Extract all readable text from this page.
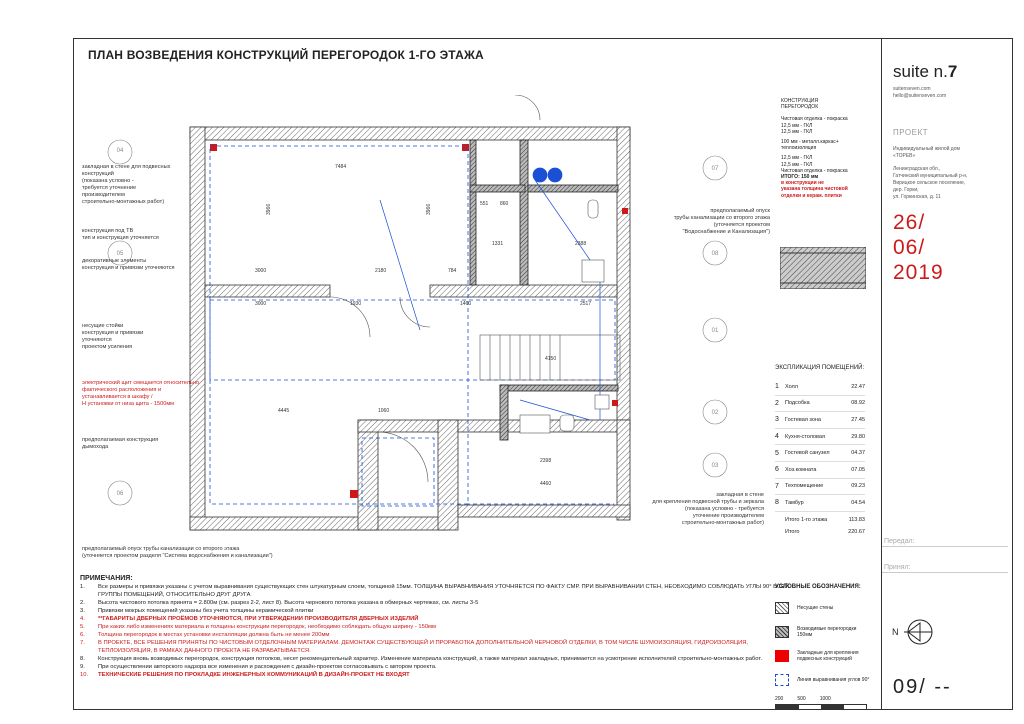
ПЛАН ВОЗВЕДЕНИЯ КОНСТРУКЦИЙ ПЕРЕГОРОДОК 1-ГО ЭТАЖА
04
05
06
07
08
01
02
03
7484
3000	2180	784
3000	1930	1460	2517
4445	1060
2398
4460
4150
551 860
1331
3966	3966
2388
закладная в стене для подвесных
конструкций
(показана условно -
требуется уточнение
производителем
строительно-монтажных работ)
конструкция под ТВ
тип и конструкция уточняется
декоративные элементы
конструкция и привязки уточняются
несущие стойки
конструкция и привязки
уточняются
проектом усиления
электрический щит смещается относительно
фактического расположения и
устанавливается в шкафу /
Н установки от низа щита - 1500мм
предполагаемая конструкция
дымохода
предполагаемый опуск
трубы канализации со второго этажа
(уточняется проектом
"Водоснабжение и Канализация")
закладная в стене
для крепления подвесной трубы и зеркала
(показана условно - требуется
уточнение производителем
строительно-монтажных работ)
предполагаемый опуск трубы канализации со второго этажа
(уточняется проектом разделя "Система водоснабжения и канализации")
КОНСТРУКЦИЯ
ПЕРЕГОРОДОК
Чистовая отделка - покраска
12,5 мм - ГКЛ
12,5 мм - ГКЛ
100 мм - металл.каркас+ теплоизоляция
12,5 мм - ГКЛ
12,5 мм - ГКЛ
Чистовая отделка - покраска
ИТОГО: 150 мм
в конструкции не
указана толщина чистовой
отделки и керам. плитки
ЭКСПЛИКАЦИЯ ПОМЕЩЕНИЙ:
1	Холл	22.47
2	Подсобка	08.92
3	Гостевая зона	27.45
4	Кухня-столовая	29.80
5	Гостевой санузел	04.37
6	Хоз.комната	07.05
7	Техпомещение	09.23
8	Тамбур	04.54
Итого 1-го этажа	113.83
Итого	220.67
УСЛОВНЫЕ ОБОЗНАЧЕНИЯ:
Несущие стены
Возводимые перегородки 150мм
Закладные для крепления подвесных конструкций
Линия выравнивания углов 90°
200	500	1000
ПРИМЕЧАНИЯ:
1.	Все размеры и привязки указаны с учетом выравнивания существующих стен штукатурным слоем, толщиной 15мм. ТОЛЩИНА ВЫРАВНИВАНИЯ УТОЧНЯЕТСЯ ПО ФАКТУ СМР. ПРИ ВЫРАВНИВАНИИ СТЕН, НЕОБХОДИМО СОБЛЮДАТЬ УГЛЫ 90° ВСЕЙ ГРУППЫ ПОМЕЩЕНИЙ, ОТНОСИТЕЛЬНО ДРУГ ДРУГА
2.	Высота чистового потолка принята = 2.800м (см. разрез 2-2, лист 8). Высота чернового потолка указана в обмерных чертежах, см. листы 3-5
3.	Привязки мокрых помещений указаны без учета толщины керамической плитки
4.	**ГАБАРИТЫ ДВЕРНЫХ ПРОЁМОВ УТОЧНЯЮТСЯ, ПРИ УТВЕРЖДЕНИИ ПРОИЗВОДИТЕЛЯ ДВЕРНЫХ ИЗДЕЛИЙ
5.	При каких либо изменениях материала и толщины конструкции перегородок, необходимо соблюдать общую ширину - 150мм
6.	Толщина перегородок в местах установки инсталляции должна быть не менее 200мм
7.	В ПРОЕКТЕ, ВСЕ РЕШЕНИЯ ПРИНЯТЫ ПО ЧИСТОВЫМ ОТДЕЛОЧНЫМ МАТЕРИАЛАМ. ДЕМОНТАЖ СУЩЕСТВУЮЩЕЙ И ПРОРАБОТКА ДОПОЛНИТЕЛЬНОЙ ЧЕРНОВОЙ ОТДЕЛКИ, В ТОМ ЧИСЛЕ ШУМОИЗОЛЯЦИЯ, ГИДРОИЗОЛЯЦИЯ, ТЕПЛОИЗОЛЯЦИЯ, В РАМКАХ ДАННОГО ПРОЕКТА НЕ РАЗРАБАТЫВАЕТСЯ.
8.	Конструкция вновь возводимых перегородок, конструкция потолков, несет рекомендательный характер. Изменение материала конструкций, а также материал закладных, принимается на усмотрение исполнителей строительно-монтажных работ.
9.	При осуществлении авторского надзора все изменения и расхождения с дизайн-проектом согласовывать с автором проекта.
10.	ТЕХНИЧЕСКИЕ РЕШЕНИЯ ПО ПРОКЛАДКЕ ИНЖЕНЕРНЫХ КОММУНИКАЦИЙ В ДИЗАЙН-ПРОЕКТ НЕ ВХОДЯТ
suite n.7
suitenseven.com
hello@suitenseven.com
ПРОЕКТ
Индивидуальный жилой дом
«ТОРЕВ»
Ленинградская обл.,
Гатчинский муниципальный р-н,
Вирицкое сельское поселение,
дер. Горки,
ул. Горкинская, д. 11
26/
06/
2019
Передал:
Принял:
N
09/ --
